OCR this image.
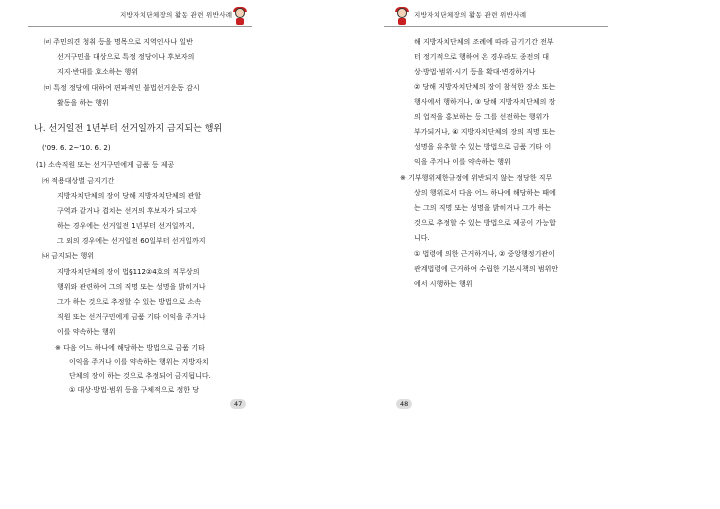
지방자치단체장의 활동 관련 위반사례
㈃ 주민의견 청취 등을 명목으로 지역인사나 일반
선거구민을 대상으로 특정 정당이나 후보자의
지지·반대를 호소하는 행위
㈄ 특정 정당에 대하여 편파적인 불법선거운동 감시
활동을 하는 행위
나. 선거일전 1년부터 선거일까지 금지되는 행위
('09. 6. 2~'10. 6. 2)
(1) 소속직원 또는 선거구민에게 금품 등 제공
㈎ 적용대상별 금지기간
지방자치단체의 장이 당해 지방자치단체의 관할
구역과 같거나 겹치는 선거의 후보자가 되고자
하는 경우에는 선거일전 1년부터 선거일까지,
그 외의 경우에는 선거일전 60일부터 선거일까지
㈏ 금지되는 행위
지방자치단체의 장이 법§112②4호의 직무상의
행위와 관련하여 그의 직명 또는 성명을 밝히거나
그가 하는 것으로 추정할 수 있는 방법으로 소속
직원 또는 선거구민에게 금품 기타 이익을 주거나
이를 약속하는 행위
※ 다음 어느 하나에 해당하는 방법으로 금품 기타
이익을 주거나 이를 약속하는 행위는 지방자치
단체의 장이 하는 것으로 추정되어 금지됩니다.
① 대상·방법·범위 등을 구체적으로 정한 당
47
지방자치단체장의 활동 관련 위반사례
해 지방자치단체의 조례에 따라 금기기간 전부
터 정기적으로 행하여 온 경우라도 종전의 대
상·방법·범위·시기 등을 확대·변경하거나
② 당해 지방자치단체의 장이 참석한 장소 또는
행사에서 행하거나, ③ 당해 지방자치단체의 장
의 업적을 홍보하는 등 그를 선전하는 행위가
부가되거나, ④ 지방자치단체의 장의 직명 또는
성명을 유추할 수 있는 방법으로 금품 기타 이
익을 주거나 이를 약속하는 행위
※ 기부행위제한규정에 위반되지 않는 정당한 직무
상의 행위로서 다음 어느 하나에 해당하는 때에
는 그의 직명 또는 성명을 밝히거나 그가 하는
것으로 추정할 수 있는 방법으로 제공이 가능합
니다.
① 법령에 의한 근거하거나, ② 중앙행정기관이
관계법령에 근거하여 수립한 기본시책의 범위안
에서 시행하는 행위
48
